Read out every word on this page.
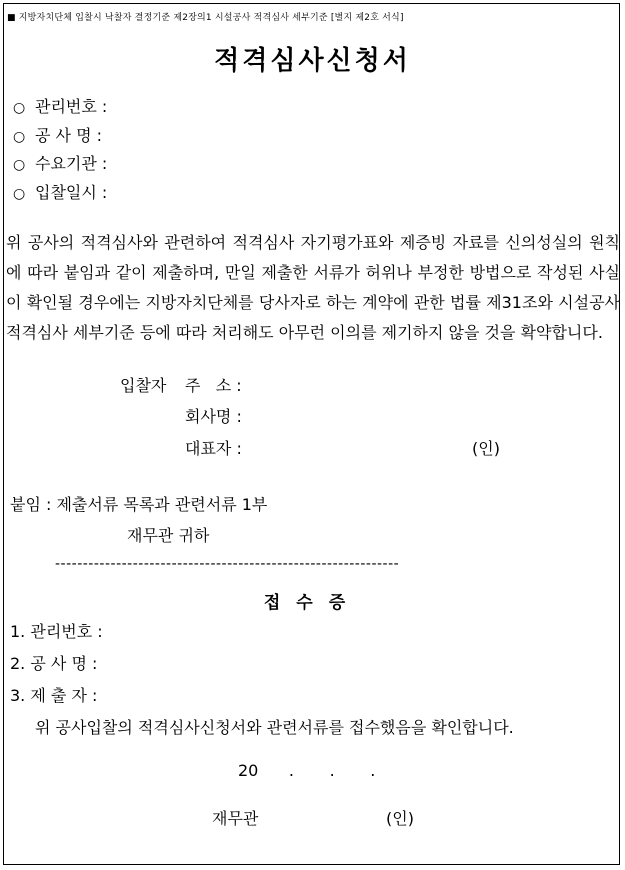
■ 지방자치단체 입찰시 낙찰자 결정기준 제2장의1 시설공사 적격심사 세부기준 [별지 제2호 서식]
적격심사신청서
○ 관리번호 :
○ 공 사 명 :
○ 수요기관 :
○ 입찰일시 :
위 공사의 적격심사와 관련하여 적격심사 자기평가표와 제증빙 자료를 신의성실의 원칙에 따라 붙임과 같이 제출하며, 만일 제출한 서류가 허위나 부정한 방법으로 작성된 사실이 확인될 경우에는 지방자치단체를 당사자로 하는 계약에 관한 법률 제31조와 시설공사 적격심사 세부기준 등에 따라 처리해도 아무런 이의를 제기하지 않을 것을 확약합니다.
입찰자 주   소 :
회사명 :
대표자 :	(인)
붙임 : 제출서류 목록과 관련서류 1부
재무관 귀하
--------------------------------------------------------------
접수증
1. 관리번호 :
2. 공 사 명 :
3. 제 출 자 :
위 공사입찰의 적격심사신청서와 관련서류를 접수했음을 확인합니다.
20      .       .       .
재무관	(인)
